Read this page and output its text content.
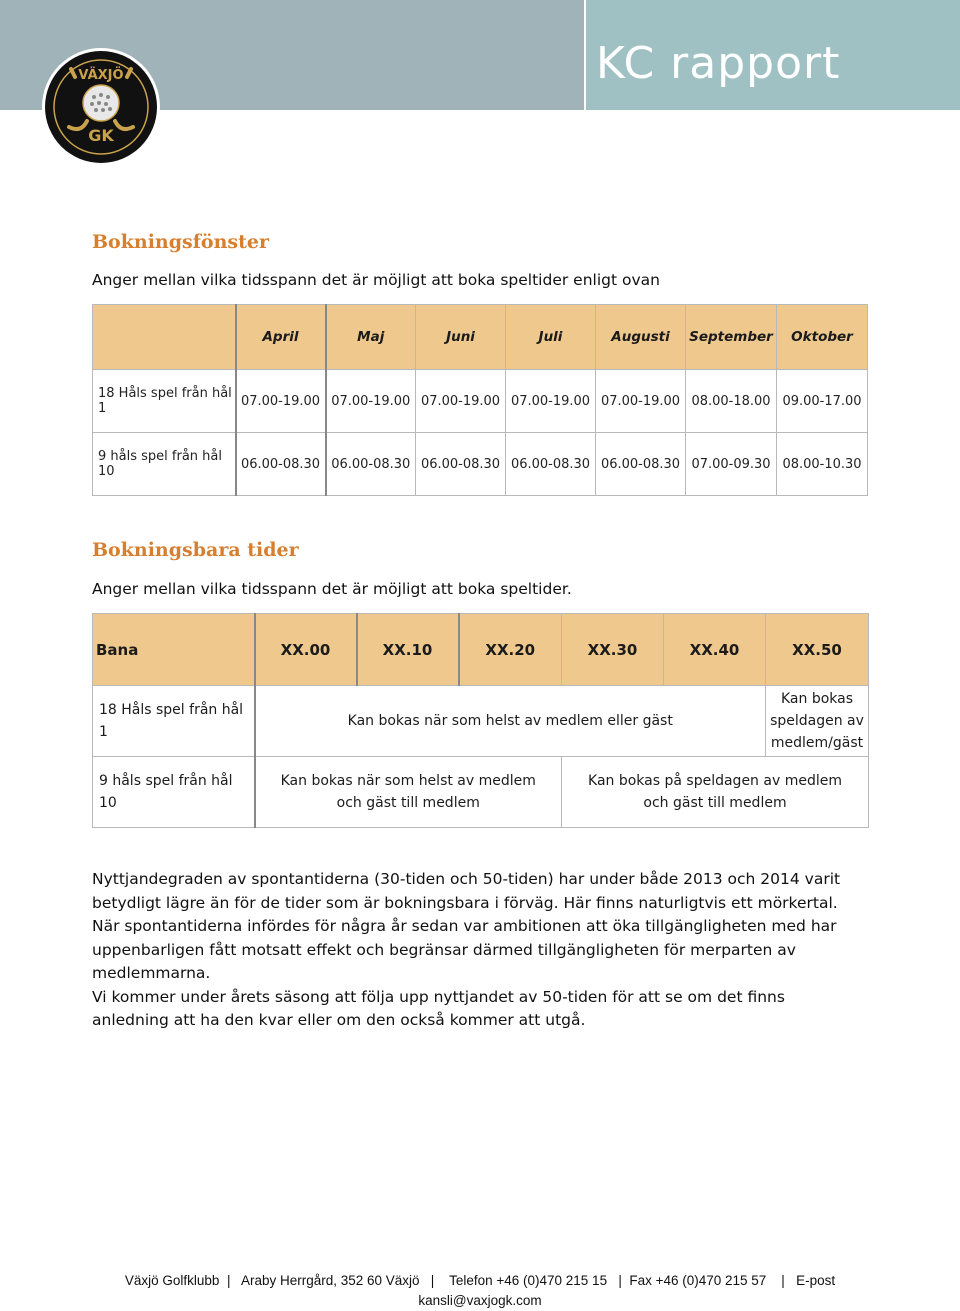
KC rapport
VÄXJÖ
GK
Bokningsfönster
Anger mellan vilka tidsspann det är möjligt att boka speltider enligt ovan
	April	Maj	Juni	Juli	Augusti	September	Oktober
18 Håls spel från hål 1	07.00-19.00	07.00-19.00	07.00-19.00	07.00-19.00	07.00-19.00	08.00-18.00	09.00-17.00
9 håls spel från hål 10	06.00-08.30	06.00-08.30	06.00-08.30	06.00-08.30	06.00-08.30	07.00-09.30	08.00-10.30
Bokningsbara tider
Anger mellan vilka tidsspann det är möjligt att boka speltider.
Bana	XX.00	XX.10	XX.20	XX.30	XX.40	XX.50
18 Håls spel från hål 1	Kan bokas när som helst av medlem eller gäst					Kan bokas speldagen av medlem/gäst
9 håls spel från hål 10	Kan bokas när som helst av medlem och gäst till medlem			Kan bokas på speldagen av medlem och gäst till medlem		
Nyttjandegraden av spontantiderna (30-tiden och 50-tiden) har under både 2013 och 2014 varit
betydligt lägre än för de tider som är bokningsbara i förväg. Här finns naturligtvis ett mörkertal.
När spontantiderna infördes för några år sedan var ambitionen att öka tillgängligheten med har
uppenbarligen fått motsatt effekt och begränsar därmed tillgängligheten för merparten av
medlemmarna.
Vi kommer under årets säsong att följa upp nyttjandet av 50-tiden för att se om det finns
anledning att ha den kvar eller om den också kommer att utgå.
Växjö Golfklubb  |   Araby Herrgård, 352 60 Växjö   |    Telefon +46 (0)470 215 15   |  Fax +46 (0)470 215 57    |   E-post
kansli@vaxjogk.com
